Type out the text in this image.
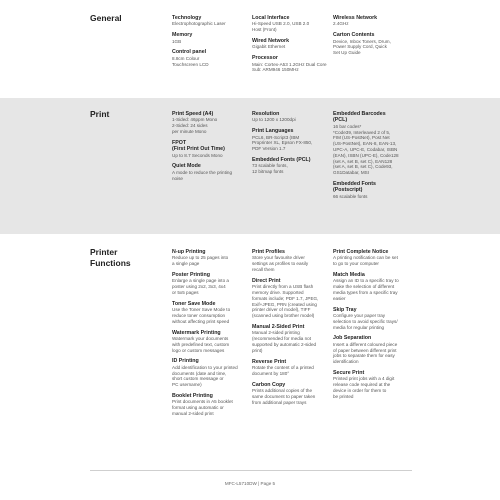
General	Technology
Electrophotographic Laser
Memory
1GB
Control panel
8.8cm Colour
Touchscreen LCD
Local Interface
Hi-Speed USB 2.0, USB 2.0
Host (Front)
Wired Network
Gigabit Ethernet
Processor
Main: Cortex-A53 1.2GHz Dual Core
Sub: ARM946 150MHz
Wireless Network
2.4GHz
Carton Contents
Device, Inbox Toners, Drum,
Power Supply Cord, Quick
Set Up Guide
Print	Print Speed (A4)
1-Sided: 46ppm Mono
2-Sided: 24 sides
per minute Mono
FPOT
(First Print Out Time)
Up to 8.7 Seconds Mono
Quiet Mode
A mode to reduce the printing
noise
Resolution
Up to 1200 x 1200dpi
Print Languages
PCL6, BR-Script3 (IBM
Proprinter XL, Epson FX-850,
PDF Version 1.7
Embedded Fonts (PCL)
73 scalable fonts,
12 bitmap fonts
Embedded Barcodes
(PCL)
16 bar codes*
*Code39, Interleaved 2 of 5,
FIM (US-PostNet), Post Net
(US-PostNet), EAN-8, EAN-13,
UPC-A, UPC-E, Codabar, ISBN
(EAN), ISBN (UPC-E), Code128
(set A, set B, set C), EAN128
(set A, set B, set C), Code93,
GS1Databar, MSI
Embedded Fonts
(Postscript)
66 scalable fonts
Printer
Functions
N-up Printing
Reduce up to 25 pages into
a single page
Poster Printing
Enlarge a single page into a
poster using 2x2, 3x3, 4x4
or 5x5 pages
Toner Save Mode
Use the Toner Save Mode to
reduce toner consumption
without affecting print speed
Watermark Printing
Watermark your documents
with predefined text, custom
logo or custom messages
ID Printing
Add identification to your printed
documents (date and time,
short custom message or
PC username)
Booklet Printing
Print documents in A5 booklet
format using automatic or
manual 2-sided print
Print Profiles
Store your favourite driver
settings as profiles to easily
recall them
Direct Print
Print directly from a USB flash
memory drive. Supported
formats include; PDF 1.7, JPEG,
Exif+JPEG, PRN (created using
printer driver of model), TIFF
(scanned using brother model)
Manual 2-Sided Print
Manual 2-sided printing
(recommended for media not
supported by automatic 2-sided
print)
Reverse Print
Rotate the content of a printed
document by 180°
Carbon Copy
Prints additional copies of the
same document to paper taken
from additional paper trays
Print Complete Notice
A printing notification can be set
to go to your computer
Match Media
Assign an ID to a specific tray to
make the selection of different
media types from a specific tray
easier
Skip Tray
Configure your paper tray
selection to avoid specific trays/
media for regular printing
Job Separation
Insert a different coloured piece
of paper between different print
jobs to separate them for easy
identification
Secure Print
Printed print jobs with a 4 digit
release code required at the
device in order for them to
be printed
MFC-L5710DW | Page 5
